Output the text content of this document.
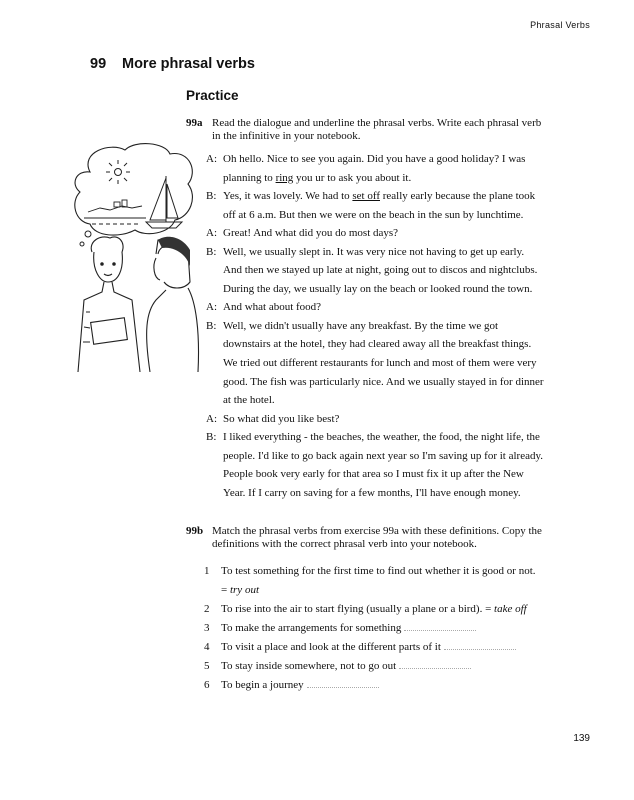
Phrasal Verbs
99 More phrasal verbs
Practice
99a Read the dialogue and underline the phrasal verbs. Write each phrasal verb
in the infinitive in your notebook.
A: Oh hello. Nice to see you again. Did you have a good holiday? I was
planning to ring you ur to ask you about it.
B: Yes, it was lovely. We had to set off really early because the plane took
off at 6 a.m. But then we were on the beach in the sun by lunchtime.
A: Great! And what did you do most days?
B: Well, we usually slept in. It was very nice not having to get up early.
And then we stayed up late at night, going out to discos and nightclubs.
During the day, we usually lay on the beach or looked round the town.
A: And what about food?
B: Well, we didn't usually have any breakfast. By the time we got
downstairs at the hotel, they had cleared away all the breakfast things.
We tried out different restaurants for lunch and most of them were very
good. The fish was particularly nice. And we usually stayed in for dinner
at the hotel.
A: So what did you like best?
B: I liked everything - the beaches, the weather, the food, the night life, the
people. I'd like to go back again next year so I'm saving up for it already.
People book very early for that area so I must fix it up after the New
Year. If I carry on saving for a few months, I'll have enough money.
99b Match the phrasal verbs from exercise 99a with these definitions. Copy the
definitions with the correct phrasal verb into your notebook.
1	To test something for the first time to find out whether it is good or not.
= try out
2	To rise into the air to start flying (usually a plane or a bird). = take off
3	To make the arrangements for something
4	To visit a place and look at the different parts of it
5	To stay inside somewhere, not to go out
6	To begin a journey
139
